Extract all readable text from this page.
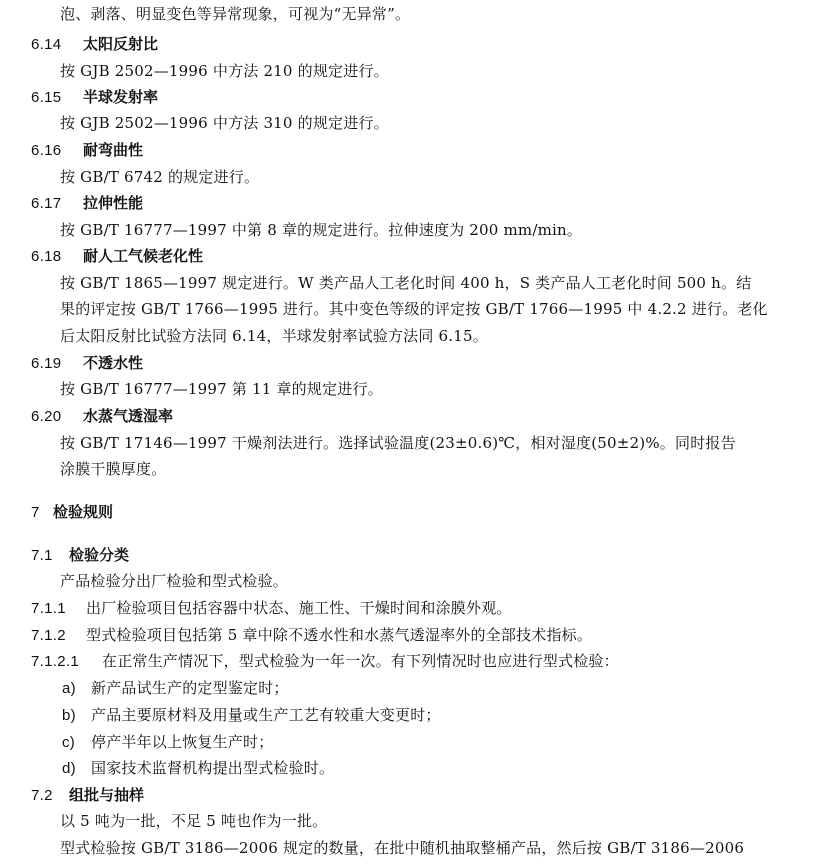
泡、剥落、明显变色等异常现象，可视为“无异常”。
6.14 太阳反射比
按 GJB 2502—1996 中方法 210 的规定进行。
6.15 半球发射率
按 GJB 2502—1996 中方法 310 的规定进行。
6.16 耐弯曲性
按 GB/T 6742 的规定进行。
6.17 拉伸性能
按 GB/T 16777—1997 中第 8 章的规定进行。拉伸速度为 200 mm/min。
6.18 耐人工气候老化性
按 GB/T 1865—1997 规定进行。W 类产品人工老化时间 400 h，S 类产品人工老化时间 500 h。结
果的评定按 GB/T 1766—1995 进行。其中变色等级的评定按 GB/T 1766—1995 中 4.2.2 进行。老化
后太阳反射比试验方法同 6.14，半球发射率试验方法同 6.15。
6.19 不透水性
按 GB/T 16777—1997 第 11 章的规定进行。
6.20 水蒸气透湿率
按 GB/T 17146—1997 干燥剂法进行。选择试验温度(23±0.6)℃，相对湿度(50±2)%。同时报告
涂膜干膜厚度。
7 检验规则
7.1 检验分类
产品检验分出厂检验和型式检验。
7.1.1 出厂检验项目包括容器中状态、施工性、干燥时间和涂膜外观。
7.1.2 型式检验项目包括第 5 章中除不透水性和水蒸气透湿率外的全部技术指标。
7.1.2.1 在正常生产情况下，型式检验为一年一次。有下列情况时也应进行型式检验：
a) 新产品试生产的定型鉴定时；
b) 产品主要原材料及用量或生产工艺有较重大变更时；
c) 停产半年以上恢复生产时；
d) 国家技术监督机构提出型式检验时。
7.2 组批与抽样
以 5 吨为一批，不足 5 吨也作为一批。
型式检验按 GB/T 3186—2006 规定的数量，在批中随机抽取整桶产品，然后按 GB/T 3186—2006
